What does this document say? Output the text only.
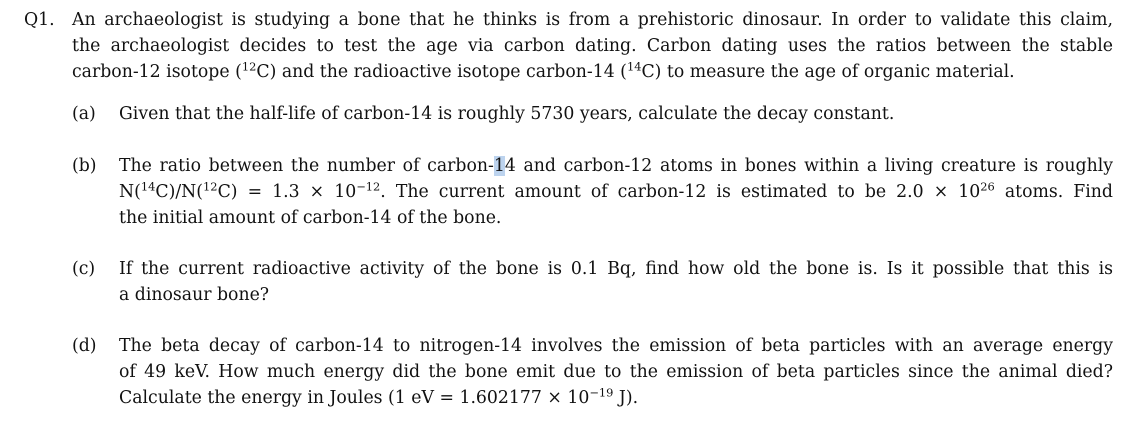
Q1. An archaeologist is studying a bone that he thinks is from a prehistoric dinosaur. In order to validate this claim,
the archaeologist decides to test the age via carbon dating. Carbon dating uses the ratios between the stable
carbon-12 isotope ($^{12}$C) and the radioactive isotope carbon-14 ($^{14}$C) to measure the age of organic material.
(a) Given that the half-life of carbon-14 is roughly 5730 years, calculate the decay constant.
(b) The ratio between the number of carbon-14 and carbon-12 atoms in bones within a living creature is roughly
$N(^{14}C)/N(^{12}C) = 1.3 \times 10^{-12}$. The current amount of carbon-12 is estimated to be $2.0 \times 10^{26}$ atoms. Find
the initial amount of carbon-14 of the bone.
(c) If the current radioactive activity of the bone is 0.1 Bq, find how old the bone is. Is it possible that this is
a dinosaur bone?
(d) The beta decay of carbon-14 to nitrogen-14 involves the emission of beta particles with an average energy
of 49 keV. How much energy did the bone emit due to the emission of beta particles since the animal died?
Calculate the energy in Joules (1 eV = $1.602177 \times 10^{-19}$ J).
